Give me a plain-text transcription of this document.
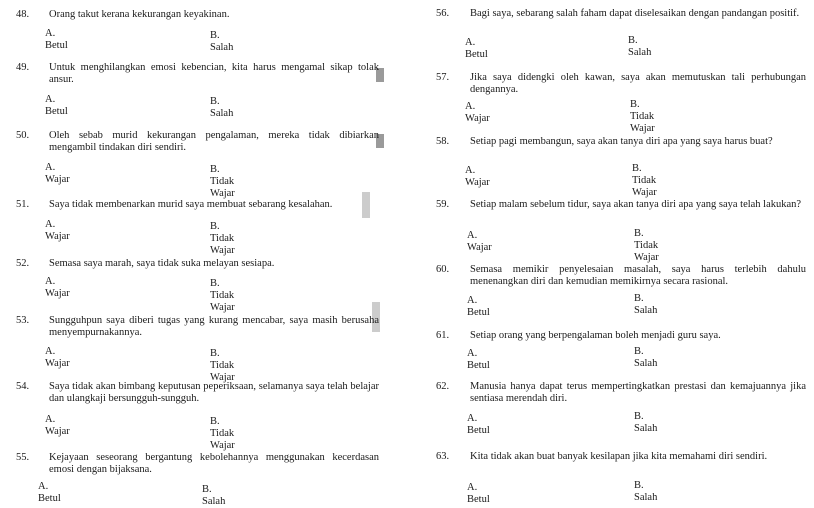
48. Orang takut kerana kekurangan keyakinan.
A. Betul
B. Salah
49. Untuk menghilangkan emosi kebencian, kita harus mengamal sikap tolak ansur.
A. Betul
B. Salah
50. Oleh sebab murid kekurangan pengalaman, mereka tidak dibiarkan mengambil tindakan diri sendiri.
A. Wajar
B. Tidak Wajar
51. Saya tidak membenarkan murid saya membuat sebarang kesalahan.
A. Wajar
B. Tidak Wajar
52. Semasa saya marah, saya tidak suka melayan sesiapa.
A. Wajar
B. Tidak Wajar
53. Sungguhpun saya diberi tugas yang kurang mencabar, saya masih berusaha menyempurnakannya.
A. Wajar
B. Tidak Wajar
54. Saya tidak akan bimbang keputusan peperiksaan, selamanya saya telah belajar dan ulangkaji bersungguh-sungguh.
A. Wajar
B. Tidak Wajar
55. Kejayaan seseorang bergantung kebolehannya menggunakan kecerdasan emosi dengan bijaksana.
A. Betul
B. Salah
56. Bagi saya, sebarang salah faham dapat diselesaikan dengan pandangan positif.
A. Betul
B. Salah
57. Jika saya didengki oleh kawan, saya akan memutuskan tali perhubungan dengannya.
A. Wajar
B. Tidak Wajar
58. Setiap pagi membangun, saya akan tanya diri apa yang saya harus buat?
A. Wajar
B. Tidak Wajar
59. Setiap malam sebelum tidur, saya akan tanya diri apa yang saya telah lakukan?
A. Wajar
B. Tidak Wajar
60. Semasa memikir penyelesaian masalah, saya harus terlebih dahulu menenangkan diri dan kemudian memikirnya secara rasional.
A. Betul
B. Salah
61. Setiap orang yang berpengalaman boleh menjadi guru saya.
A. Betul
B. Salah
62. Manusia hanya dapat terus mempertingkatkan prestasi dan kemajuannya jika sentiasa merendah diri.
A. Betul
B. Salah
63. Kita tidak akan buat banyak kesilapan jika kita memahami diri sendiri.
A. Betul
B. Salah
